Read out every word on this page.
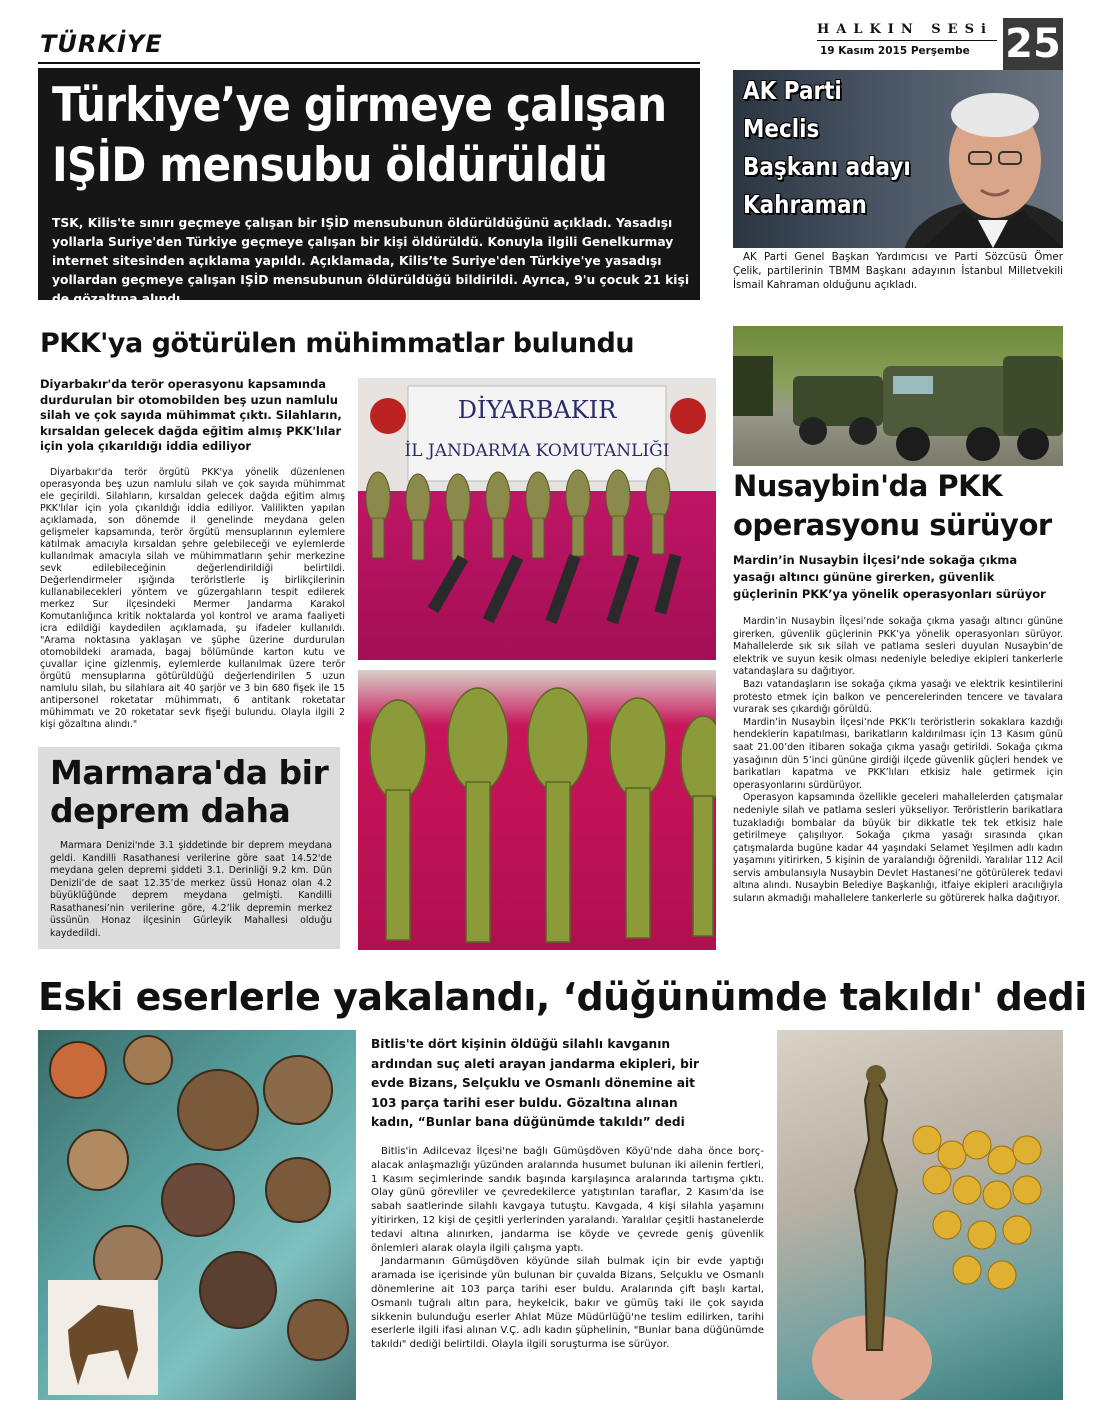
TÜRKİYE
HALKIN SESi
19 Kasım 2015 Perşembe 25
Türkiye’ye girmeye çalışan
IŞİD mensubu öldürüldü
TSK, Kilis'te sınırı geçmeye çalışan bir IŞİD mensubunun öldürüldüğünü açıkladı. Yasadışı yollarla Suriye'den Türkiye geçmeye çalışan bir kişi öldürüldü. Konuyla ilgili Genelkurmay internet sitesinden açıklama yapıldı. Açıklamada, Kilis’te Suriye'den Türkiye'ye yasadışı yollardan geçmeye çalışan IŞİD mensubunun öldürüldüğü bildirildi. Ayrıca, 9'u çocuk 21 kişi de gözaltına alındı.
AK Parti
Meclis
Başkanı adayı
Kahraman
AK Parti Genel Başkan Yardımcısı ve Parti Sözcüsü Ömer Çelik, partilerinin TBMM Başkanı adayının İstanbul Milletvekili İsmail Kahraman olduğunu açıkladı.
PKK'ya götürülen mühimmatlar bulundu
Diyarbakır'da terör operasyonu kapsamında durdurulan bir otomobilden beş uzun namlulu silah ve çok sayıda mühimmat çıktı. Silahların, kırsaldan gelecek dağda eğitim almış PKK'lılar için yola çıkarıldığı iddia ediliyor

Diyarbakır'da terör örgütü PKK'ya yönelik düzenlenen operasyonda beş uzun namlulu silah ve çok sayıda mühimmat ele geçirildi. Silahların, kırsaldan gelecek dağda eğitim almış PKK'lılar için yola çıkarıldığı iddia ediliyor. Valilikten yapılan açıklamada, son dönemde il genelinde meydana gelen gelişmeler kapsamında, terör örgütü mensuplarının eylemlere katılmak amacıyla kırsaldan şehre gelebileceği ve eylemlerde kullanılmak amacıyla silah ve mühimmatların şehir merkezine sevk edilebileceğinin değerlendirildiği belirtildi. Değerlendirmeler ışığında teröristlerle iş birlikçilerinin kullanabilecekleri yöntem ve güzergahların tespit edilerek merkez Sur ilçesindeki Mermer Jandarma Karakol Komutanlığınca kritik noktalarda yol kontrol ve arama faaliyeti icra edildiği kaydedilen açıklamada, şu ifadeler kullanıldı. "Arama noktasına yaklaşan ve şüphe üzerine durdurulan otomobildeki aramada, bagaj bölümünde karton kutu ve çuvallar içine gizlenmiş, eylemlerde kullanılmak üzere terör örgütü mensuplarına götürüldüğü değerlendirilen 5 uzun namlulu silah, bu silahlara ait 40 şarjör ve 3 bin 680 fişek ile 15 antipersonel roketatar mühimmatı, 6 antitank roketatar mühimmatı ve 20 roketatar sevk fişeği bulundu. Olayla ilgili 2 kişi gözaltına alındı."

DİYARBAKIR
İL JANDARMA KOMUTANLIĞI
Marmara'da bir
deprem daha

Marmara Denizi'nde 3.1 şiddetinde bir deprem meydana geldi. Kandilli Rasathanesi verilerine göre saat 14.52'de meydana gelen depremi şiddeti 3.1. Derinliği 9.2 km. Dün Denizli’de de saat 12.35’de merkez üssü Honaz olan 4.2 büyüklüğünde deprem meydana gelmişti. Kandilli Rasathanesi’nin verilerine göre, 4.2’lik depremin merkez üssünün Honaz ilçesinin Gürleyik Mahallesi olduğu kaydedildi.

Nusaybin'da PKK
operasyonu sürüyor
Mardin’in Nusaybin İlçesi’nde sokağa çıkma yasağı altıncı gününe girerken, güvenlik güçlerinin PKK’ya yönelik operasyonları sürüyor

Mardin’in Nusaybin İlçesi’nde sokağa çıkma yasağı altıncı gününe girerken, güvenlik güçlerinin PKK’ya yönelik operasyonları sürüyor. Mahallelerde sık sık silah ve patlama sesleri duyulan Nusaybin’de elektrik ve suyun kesik olması nedeniyle belediye ekipleri tankerlerle vatandaşlara su dağıtıyor.

Bazı vatandaşların ise sokağa çıkma yasağı ve elektrik kesintilerini protesto etmek için balkon ve pencerelerinden tencere ve tavalara vurarak ses çıkardığı görüldü.

Mardin’in Nusaybin İlçesi’nde PKK’lı teröristlerin sokaklara kazdığı hendeklerin kapatılması, barikatların kaldırılması için 13 Kasım günü saat 21.00’den itibaren sokağa çıkma yasağı getirildi. Sokağa çıkma yasağının dün 5’inci gününe girdiği ilçede güvenlik güçleri hendek ve barikatları kapatma ve PKK’lıları etkisiz hale getirmek için operasyonlarını sürdürüyor.

Operasyon kapsamında özellikle geceleri mahallelerden çatışmalar nedeniyle silah ve patlama sesleri yükseliyor. Teröristlerin barikatlara tuzakladığı bombalar da büyük bir dikkatle tek tek etkisiz hale getirilmeye çalışılıyor. Sokağa çıkma yasağı sırasında çıkan çatışmalarda bugüne kadar 44 yaşındaki Selamet Yeşilmen adlı kadın yaşamını yitirirken, 5 kişinin de yaralandığı öğrenildi. Yaralılar 112 Acil servis ambulansıyla Nusaybin Devlet Hastanesi’ne götürülerek tedavi altına alındı. Nusaybin Belediye Başkanlığı, itfaiye ekipleri aracılığıyla suların akmadığı mahallelere tankerlerle su götürerek halka dağıtıyor.

Eski eserlerle yakalandı, ‘düğünümde takıldı' dedi
Bitlis'te dört kişinin öldüğü silahlı kavganın ardından suç aleti arayan jandarma ekipleri, bir evde Bizans, Selçuklu ve Osmanlı dönemine ait 103 parça tarihi eser buldu. Gözaltına alınan kadın, “Bunlar bana düğünümde takıldı” dedi

Bitlis'in Adilcevaz İlçesi'ne bağlı Gümüşdöven Köyü'nde daha önce borç- alacak anlaşmazlığı yüzünden aralarında husumet bulunan iki ailenin fertleri, 1 Kasım seçimlerinde sandık başında karşılaşınca aralarında tartışma çıktı. Olay günü görevliler ve çevredekilerce yatıştırılan taraflar, 2 Kasım'da ise sabah saatlerinde silahlı kavgaya tutuştu. Kavgada, 4 kişi silahla yaşamını yitirirken, 12 kişi de çeşitli yerlerinden yaralandı. Yaralılar çeşitli hastanelerde tedavi altına alınırken, jandarma ise köyde ve çevrede geniş güvenlik önlemleri alarak olayla ilgili çalışma yaptı.

Jandarmanın Gümüşdöven köyünde silah bulmak için bir evde yaptığı aramada ise içerisinde yün bulunan bir çuvalda Bizans, Selçuklu ve Osmanlı dönemlerine ait 103 parça tarihi eser buldu. Aralarında çift başlı kartal, Osmanlı tuğralı altın para, heykelcik, bakır ve gümüş taki ile çok sayıda sikkenin bulunduğu eserler Ahlat Müze Müdürlüğü'ne teslim edilirken, tarihi eserlerle ilgili ifasi alınan V.Ç. adlı kadın şüphelinin, "Bunlar bana düğünümde takıldı" dediği belirtildi. Olayla ilgili soruşturma ise sürüyor.
